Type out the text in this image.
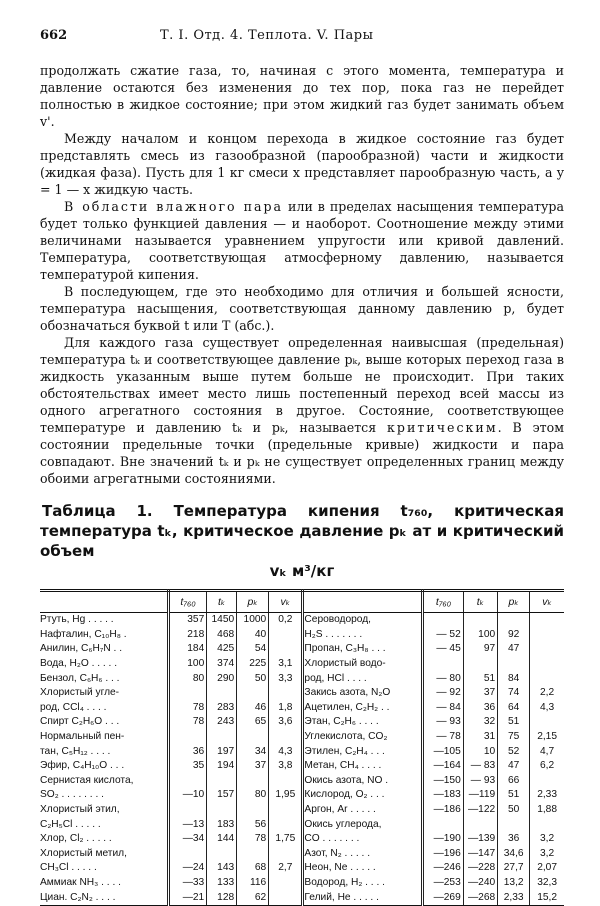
662	Т. I. Отд. 4. Теплота. V. Пары

продолжать сжатие газа, то, начиная с этого момента, температура и давление остаются без изменения до тех пор, пока газ не перейдет полностью в жидкое состояние; при этом жидкий газ будет занимать объем v'.

Между началом и концом перехода в жидкое состояние газ будет представлять смесь из газообразной (парообразной) части и жидкости (жидкая фаза). Пусть для 1 кг смеси x представляет парообразную часть, а y = 1 — x жидкую часть.

В области влажного пара или в пределах насыщения температура будет только функцией давления — и наоборот. Соотношение между этими величинами называется уравнением упругости или кривой давлений. Температура, соответствующая атмосферному давлению, называется температурой кипения.

В последующем, где это необходимо для отличия и большей ясности, температура насыщения, соответствующая данному давлению p, будет обозначаться буквой t или T (абс.).

Для каждого газа существует определенная наивысшая (предельная) температура tₖ и соответствующее давление pₖ, выше которых переход газа в жидкость указанным выше путем больше не происходит. При таких обстоятельствах имеет место лишь постепенный переход всей массы из одного агрегатного состояния в другое. Состояние, соответствующее температуре и давлению tₖ и pₖ, называется критическим. В этом состоянии предельные точки (предельные кривые) жидкости и пара совпадают. Вне значений tₖ и pₖ не существует определенных границ между обоими агрегатными состояниями.

Таблица 1. Температура кипения t₇₆₀, критическая температура tₖ, критическое давление pₖ ат и критический объем
vₖ м³/кг
	t₇₆₀	tₖ	pₖ	vₖ		t₇₆₀	tₖ	pₖ	vₖ
Ртуть, Hg . . . . .	357	1450	1000	0,2	Сероводород,				
Нафталин, C₁₀H₈ .	218	468	40		H₂S . . . . . . .	— 52	100	92	
Анилин, C₆H₇N . .	184	425	54		Пропан, C₃H₈ . . .	— 45	97	47	
Вода, H₂O . . . . .	100	374	225	3,1	Хлористый водо-				
Бензол, C₆H₆ . . .	80	290	50	3,3	род, HCl . . . .	— 80	51	84	
Хлористый угле-					Закись азота, N₂O	— 92	37	74	2,2
род, CCl₄ . . . .	78	283	46	1,8	Ацетилен, C₂H₂ . .	— 84	36	64	4,3
Спирт C₂H₆O . . .	78	243	65	3,6	Этан, C₂H₆ . . . .	— 93	32	51	
Нормальный пен-					Углекислота, CO₂	— 78	31	75	2,15
тан, C₅H₁₂ . . . .	36	197	34	4,3	Этилен, C₂H₄ . . .	—105	10	52	4,7
Эфир, C₄H₁₀O . . .	35	194	37	3,8	Метан, CH₄ . . . .	—164	— 83	47	6,2
Сернистая кислота,					Окись азота, NO .	—150	— 93	66	
SO₂ . . . . . . . .	—10	157	80	1,95	Кислород, O₂ . . .	—183	—119	51	2,33
Хлористый этил,					Аргон, Ar . . . . .	—186	—122	50	1,88
C₂H₅Cl . . . . .	—13	183	56		Окись углерода,				
Хлор, Cl₂ . . . . .	—34	144	78	1,75	CO . . . . . . .	—190	—139	36	3,2
Хлористый метил,					Азот, N₂ . . . . .	—196	—147	34,6	3,2
CH₃Cl . . . . .	—24	143	68	2,7	Неон, Ne . . . . .	—246	—228	27,7	2,07
Аммиак NH₃ . . . .	—33	133	116		Водород, H₂ . . . .	—253	—240	13,2	32,3
Циан. C₂N₂ . . . .	—21	128	62		Гелий, He . . . . .	—269	—268	2,33	15,2
